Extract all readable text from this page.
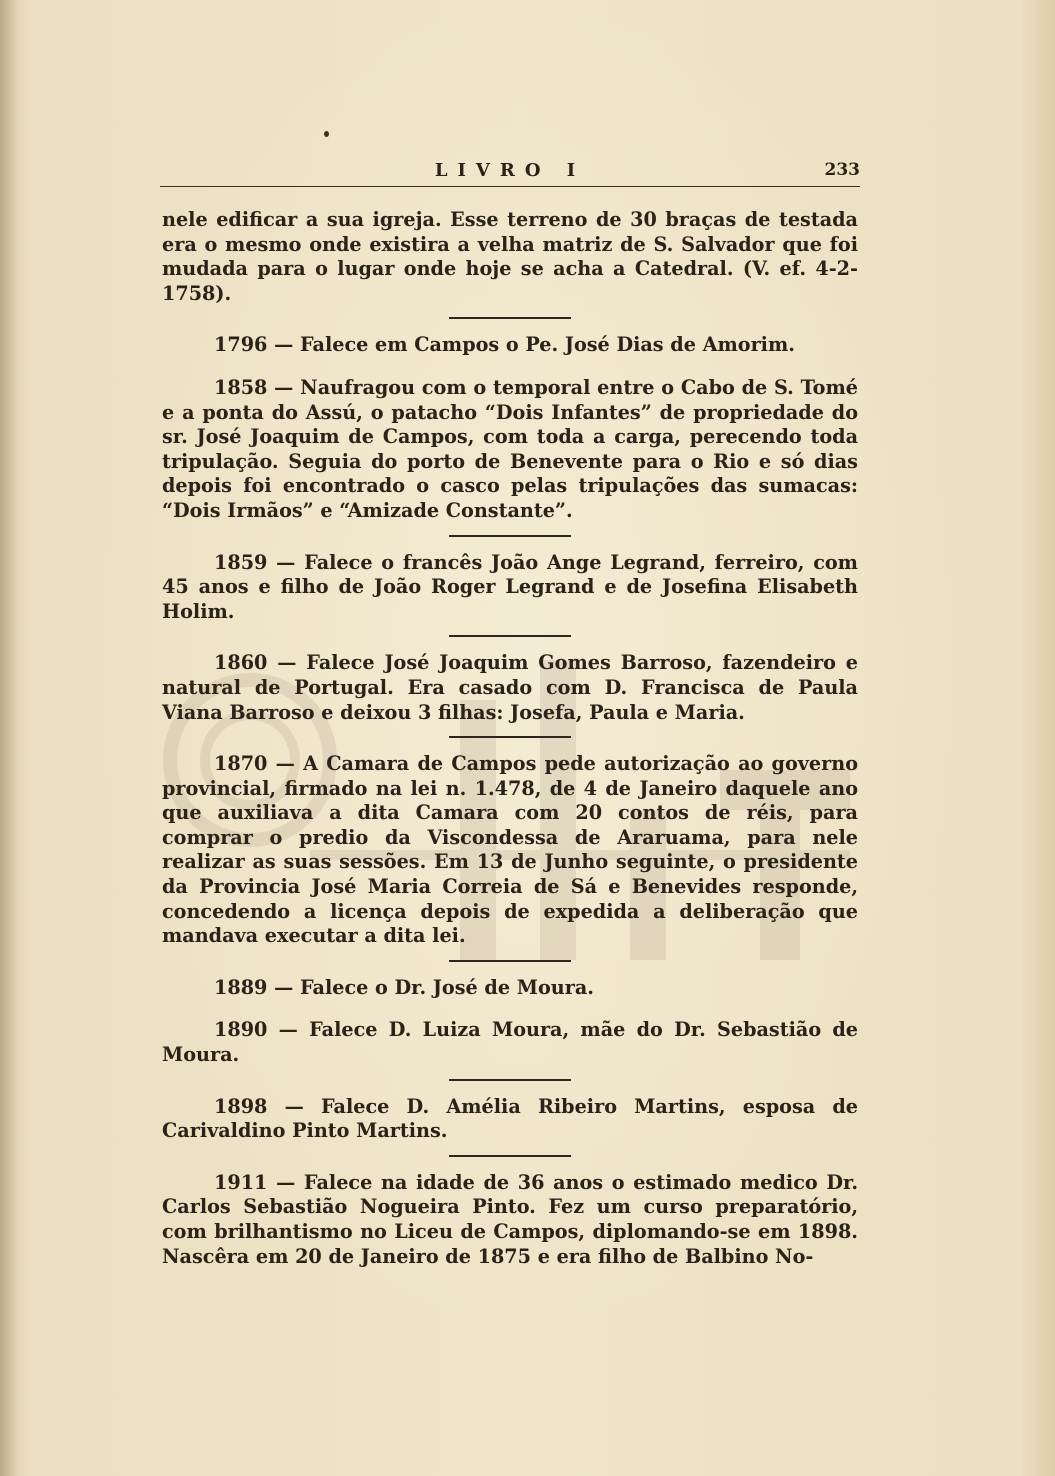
LIVRO I	233

nele edificar a sua igreja. Esse terreno de 30 braças de testada era o mesmo onde existira a velha matriz de S. Salvador que foi mudada para o lugar onde hoje se acha a Catedral. (V. ef. 4-2-1758).

1796 — Falece em Campos o Pe. José Dias de Amorim.

1858 — Naufragou com o temporal entre o Cabo de S. Tomé e a ponta do Assú, o patacho “Dois Infantes” de propriedade do sr. José Joaquim de Campos, com toda a carga, perecendo toda tripulação. Seguia do porto de Benevente para o Rio e só dias depois foi encontrado o casco pelas tripulações das sumacas: “Dois Irmãos” e “Amizade Constante”.

1859 — Falece o francês João Ange Legrand, ferreiro, com 45 anos e filho de João Roger Legrand e de Josefina Elisabeth Holim.

1860 — Falece José Joaquim Gomes Barroso, fazendeiro e natural de Portugal. Era casado com D. Francisca de Paula Viana Barroso e deixou 3 filhas: Josefa, Paula e Maria.

1870 — A Camara de Campos pede autorização ao governo provincial, firmado na lei n. 1.478, de 4 de Janeiro daquele ano que auxiliava a dita Camara com 20 contos de réis, para comprar o predio da Viscondessa de Araruama, para nele realizar as suas sessões. Em 13 de Junho seguinte, o presidente da Provincia José Maria Correia de Sá e Benevides responde, concedendo a licença depois de expedida a deliberação que mandava executar a dita lei.

1889 — Falece o Dr. José de Moura.

1890 — Falece D. Luiza Moura, mãe do Dr. Sebastião de Moura.

1898 — Falece D. Amélia Ribeiro Martins, esposa de Carivaldino Pinto Martins.

1911 — Falece na idade de 36 anos o estimado medico Dr. Carlos Sebastião Nogueira Pinto. Fez um curso preparatório, com brilhantismo no Liceu de Campos, diplomando-se em 1898. Nascêra em 20 de Janeiro de 1875 e era filho de Balbino No-
